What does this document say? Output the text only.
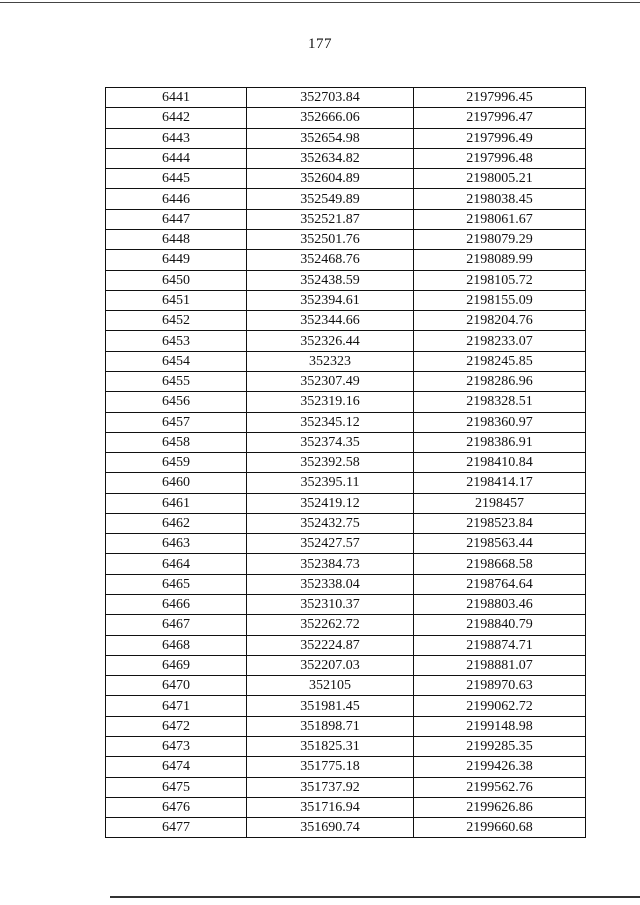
177
6441	352703.84	2197996.45
6442	352666.06	2197996.47
6443	352654.98	2197996.49
6444	352634.82	2197996.48
6445	352604.89	2198005.21
6446	352549.89	2198038.45
6447	352521.87	2198061.67
6448	352501.76	2198079.29
6449	352468.76	2198089.99
6450	352438.59	2198105.72
6451	352394.61	2198155.09
6452	352344.66	2198204.76
6453	352326.44	2198233.07
6454	352323	2198245.85
6455	352307.49	2198286.96
6456	352319.16	2198328.51
6457	352345.12	2198360.97
6458	352374.35	2198386.91
6459	352392.58	2198410.84
6460	352395.11	2198414.17
6461	352419.12	2198457
6462	352432.75	2198523.84
6463	352427.57	2198563.44
6464	352384.73	2198668.58
6465	352338.04	2198764.64
6466	352310.37	2198803.46
6467	352262.72	2198840.79
6468	352224.87	2198874.71
6469	352207.03	2198881.07
6470	352105	2198970.63
6471	351981.45	2199062.72
6472	351898.71	2199148.98
6473	351825.31	2199285.35
6474	351775.18	2199426.38
6475	351737.92	2199562.76
6476	351716.94	2199626.86
6477	351690.74	2199660.68
